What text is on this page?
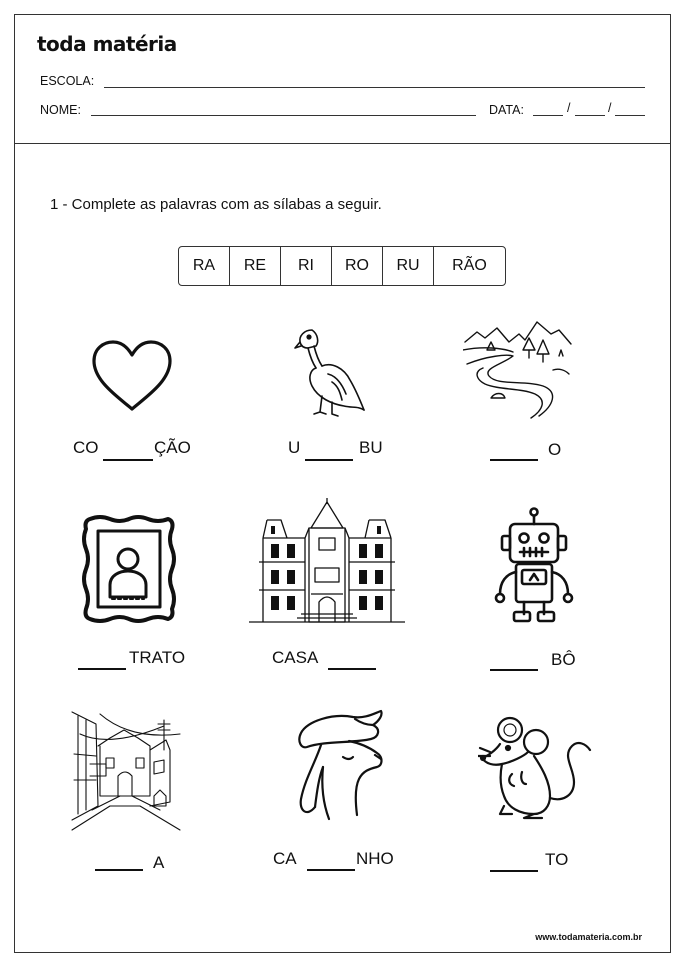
toda matéria
ESCOLA:
NOME:	DATA:	/	/
1 - Complete as palavras com as sílabas a seguir.
RA	RE	RI	RO	RU	RÃO
CO	ÇÃO	U	BU	O
TRATO	CASA	BÔ
A	CA	NHO	TO
www.todamateria.com.br
